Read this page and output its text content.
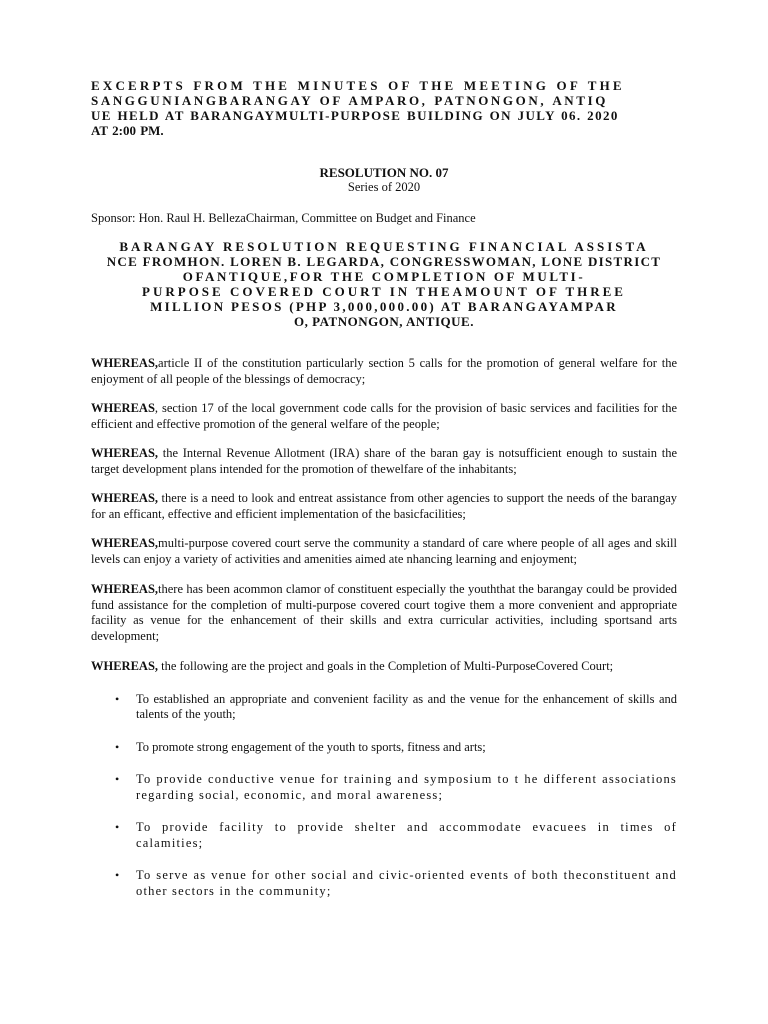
EXCERPTS FROM THE MINUTES OF THE MEETING OF THE

SANGGUNIANGBARANGAY OF AMPARO, PATNONGON, ANTIQ

UE HELD AT BARANGAYMULTI-PURPOSE BUILDING ON JULY 06. 2020

AT 2:00 PM.

RESOLUTION NO. 07
Series of 2020
Sponsor: Hon. Raul H. BellezaChairman, Committee on Budget and Finance
BARANGAY RESOLUTION REQUESTING FINANCIAL ASSISTA
NCE FROMHON. LOREN B. LEGARDA, CONGRESSWOMAN, LONE DISTRICT
OFANTIQUE,FOR THE COMPLETION OF MULTI-
PURPOSE COVERED COURT IN THEAMOUNT OF THREE
MILLION PESOS (PHP 3,000,000.00) AT BARANGAYAMPAR
O, PATNONGON, ANTIQUE.

WHEREAS,article II of the constitution particularly section 5 calls for the promotion of general welfare for the enjoyment of all people of the blessings of democracy;

WHEREAS, section 17 of the local government code calls for the provision of basic services and facilities for the efficient and effective promotion of the general welfare of the people;

WHEREAS, the Internal Revenue Allotment (IRA) share of the baran gay is notsufficient enough to sustain the target development plans intended for the promotion of thewelfare of the inhabitants;

WHEREAS, there is a need to look and entreat assistance from other agencies to support the needs of the barangay for an efficant, effective and efficient implementation of the basicfacilities;

WHEREAS,multi-purpose covered court serve the community a standard of care where people of all ages and skill levels can enjoy a variety of activities and amenities aimed ate nhancing learning and enjoyment;

WHEREAS,there has been acommon clamor of constituent especially the youththat the barangay could be provided fund assistance for the completion of multi-purpose covered court togive them a more convenient and appropriate facility as venue for the enhancement of their skills and extra curricular activities, including sportsand arts development;

WHEREAS, the following are the project and goals in the Completion of Multi-PurposeCovered Court;

• To established an appropriate and convenient facility as and the venue for the enhancement of skills and talents of the youth;
• To promote strong engagement of the youth to sports, fitness and arts;
• To provide conductive venue for training and symposium to t he different associations regarding social, economic, and moral awareness;
• To provide facility to provide shelter and accommodate evacuees in times of calamities;
• To serve as venue for other social and civic-oriented events of both theconstituent and other sectors in the community;
